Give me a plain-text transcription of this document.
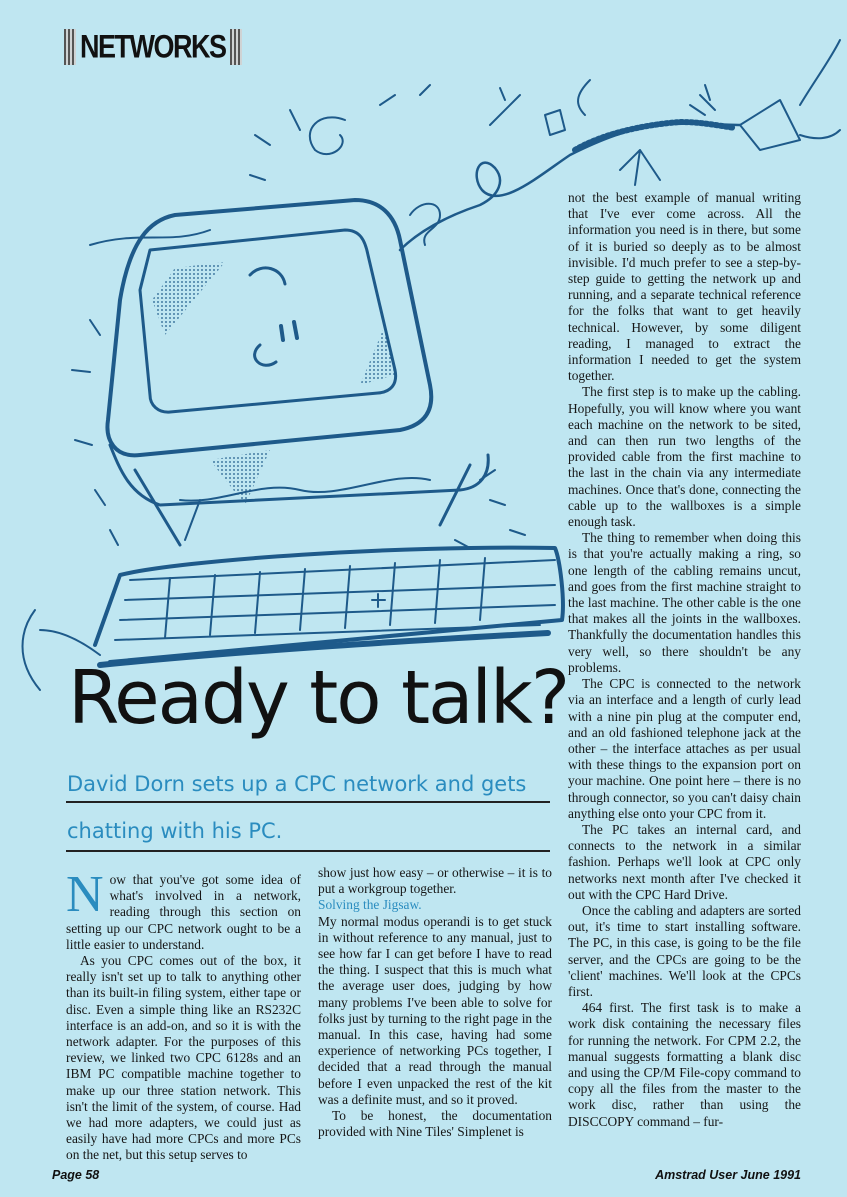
NETWORKS
Ready to talk?
David Dorn sets up a CPC network and gets
chatting with his PC.

Now that you've got some idea of what's involved in a network, reading through this section on setting up our CPC network ought to be a little easier to understand.

As you CPC comes out of the box, it really isn't set up to talk to anything other than its built-in filing system, either tape or disc. Even a simple thing like an RS232C interface is an add-on, and so it is with the network adapter. For the purposes of this review, we linked two CPC 6128s and an IBM PC compatible machine together to make up our three station network. This isn't the limit of the system, of course. Had we had more adapters, we could just as easily have had more CPCs and more PCs on the net, but this setup serves to

show just how easy – or otherwise – it is to put a workgroup together.

Solving the Jigsaw.

My normal modus operandi is to get stuck in without reference to any manual, just to see how far I can get before I have to read the thing. I suspect that this is much what the average user does, judging by how many problems I've been able to solve for folks just by turning to the right page in the manual. In this case, having had some experience of networking PCs together, I decided that a read through the manual before I even unpacked the rest of the kit was a definite must, and so it proved.

To be honest, the documentation provided with Nine Tiles' Simplenet is

not the best example of manual writing that I've ever come across. All the information you need is in there, but some of it is buried so deeply as to be almost invisible. I'd much prefer to see a step-by-step guide to getting the network up and running, and a separate technical reference for the folks that want to get heavily technical. However, by some diligent reading, I managed to extract the information I needed to get the system together.

The first step is to make up the cabling. Hopefully, you will know where you want each machine on the network to be sited, and can then run two lengths of the provided cable from the first machine to the last in the chain via any intermediate machines. Once that's done, connecting the cable up to the wallboxes is a simple enough task.

The thing to remember when doing this is that you're actually making a ring, so one length of the cabling remains uncut, and goes from the first machine straight to the last machine. The other cable is the one that makes all the joints in the wallboxes. Thankfully the documentation handles this very well, so there shouldn't be any problems.

The CPC is connected to the network via an interface and a length of curly lead with a nine pin plug at the computer end, and an old fashioned telephone jack at the other – the interface attaches as per usual with these things to the expansion port on your machine. One point here – there is no through connector, so you can't daisy chain anything else onto your CPC from it.

The PC takes an internal card, and connects to the network in a similar fashion. Perhaps we'll look at CPC only networks next month after I've checked it out with the CPC Hard Drive.

Once the cabling and adapters are sorted out, it's time to start installing software. The PC, in this case, is going to be the file server, and the CPCs are going to be the 'client' machines. We'll look at the CPCs first.

464 first. The first task is to make a work disk containing the necessary files for running the network. For CPM 2.2, the manual suggests formatting a blank disc and using the CP/M File-copy command to copy all the files from the master to the work disc, rather than using the DISCCOPY command – fur-

Page 58	Amstrad User June 1991
